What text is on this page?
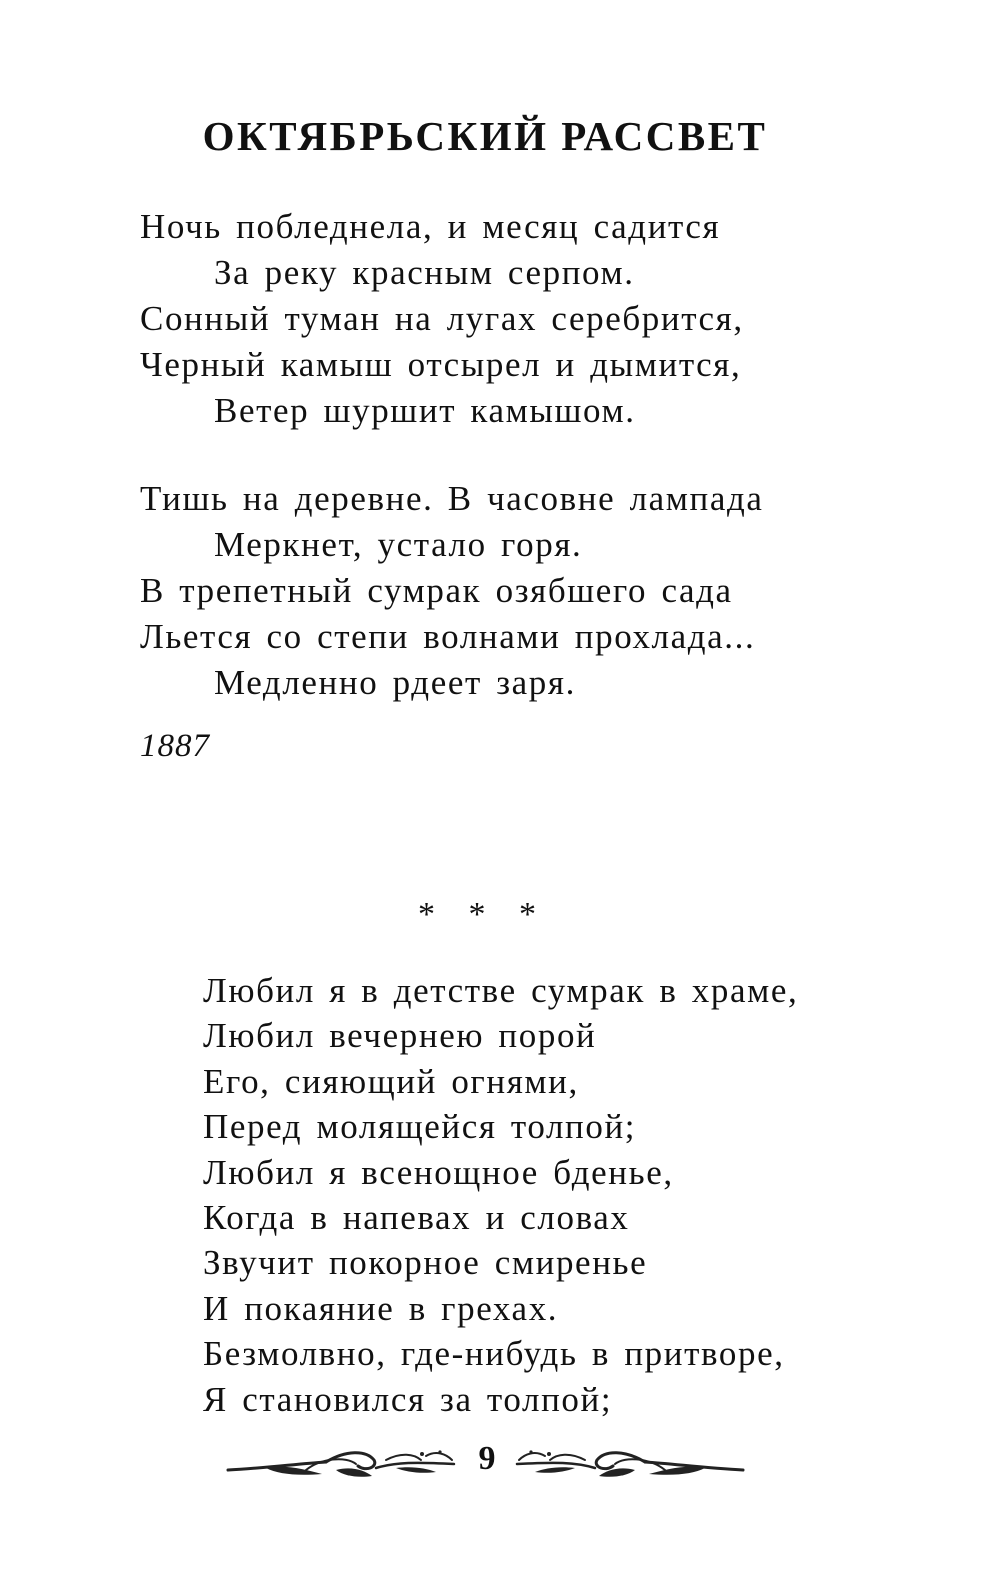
ОКТЯБРЬСКИЙ РАССВЕТ
Ночь побледнела, и месяц садится
За реку красным серпом.
Сонный туман на лугах серебрится,
Черный камыш отсырел и дымится,
Ветер шуршит камышом.
Тишь на деревне. В часовне лампада
Меркнет, устало горя.
В трепетный сумрак озябшего сада
Льется со степи волнами прохлада...
Медленно рдеет заря.
1887
*   *   *
Любил я в детстве сумрак в храме,
Любил вечернею порой
Его, сияющий огнями,
Перед молящейся толпой;
Любил я всенощное бденье,
Когда в напевах и словах
Звучит покорное смиренье
И покаяние в грехах.
Безмолвно, где-нибудь в притворе,
Я становился за толпой;
9
